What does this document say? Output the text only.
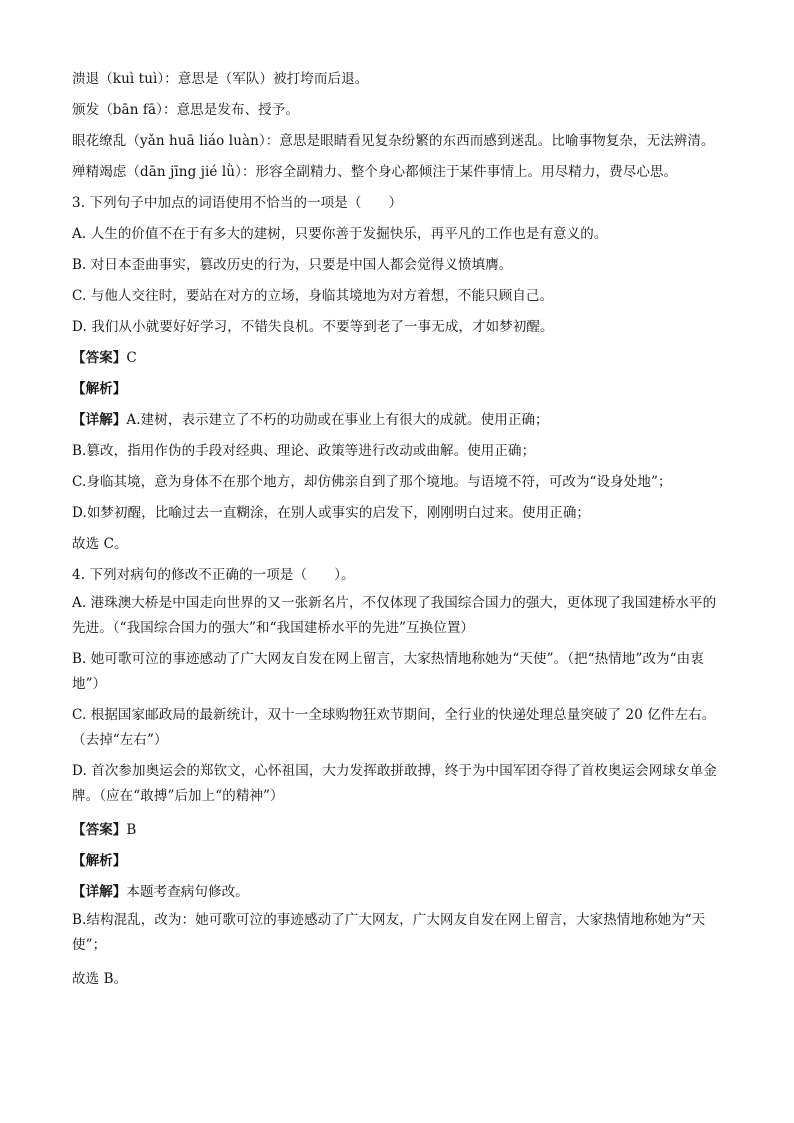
溃退（kuì tuì）：意思是（军队）被打垮而后退。

颁发（bān fā）：意思是发布、授予。

眼花缭乱（yǎn huā liáo luàn）：意思是眼睛看见复杂纷繁的东西而感到迷乱。比喻事物复杂，无法辨清。

殚精竭虑（dān jīng jié lǜ）：形容全副精力、整个身心都倾注于某件事情上。用尽精力，费尽心思。

3. 下列句子中加点的词语使用不恰当的一项是（　　）

A. 人生的价值不在于有多大的建树，只要你善于发掘快乐，再平凡的工作也是有意义的。

B. 对日本歪曲事实，篡改历史的行为，只要是中国人都会觉得义愤填膺。

C. 与他人交往时，要站在对方的立场，身临其境地为对方着想，不能只顾自己。

D. 我们从小就要好好学习，不错失良机。不要等到老了一事无成，才如梦初醒。

【答案】C

【解析】

【详解】A.建树，表示建立了不朽的功勋或在事业上有很大的成就。使用正确；

B.篡改，指用作伪的手段对经典、理论、政策等进行改动或曲解。使用正确；

C.身临其境，意为身体不在那个地方，却仿佛亲自到了那个境地。与语境不符，可改为“设身处地”；

D.如梦初醒，比喻过去一直糊涂，在别人或事实的启发下，刚刚明白过来。使用正确；

故选 C。

4. 下列对病句的修改不正确的一项是（　　）。

A. 港珠澳大桥是中国走向世界的又一张新名片，不仅体现了我国综合国力的强大，更体现了我国建桥水平的先进。（“我国综合国力的强大”和“我国建桥水平的先进”互换位置）

B. 她可歌可泣的事迹感动了广大网友自发在网上留言，大家热情地称她为“天使”。（把“热情地”改为“由衷地”）

C. 根据国家邮政局的最新统计，双十一全球购物狂欢节期间，全行业的快递处理总量突破了 20 亿件左右。（去掉“左右”）

D. 首次参加奥运会的郑钦文，心怀祖国，大力发挥敢拼敢搏，终于为中国军团夺得了首枚奥运会网球女单金牌。（应在“敢搏”后加上“的精神”）

【答案】B

【解析】

【详解】本题考查病句修改。

B.结构混乱，改为：她可歌可泣的事迹感动了广大网友，广大网友自发在网上留言，大家热情地称她为“天使”；

故选 B。
